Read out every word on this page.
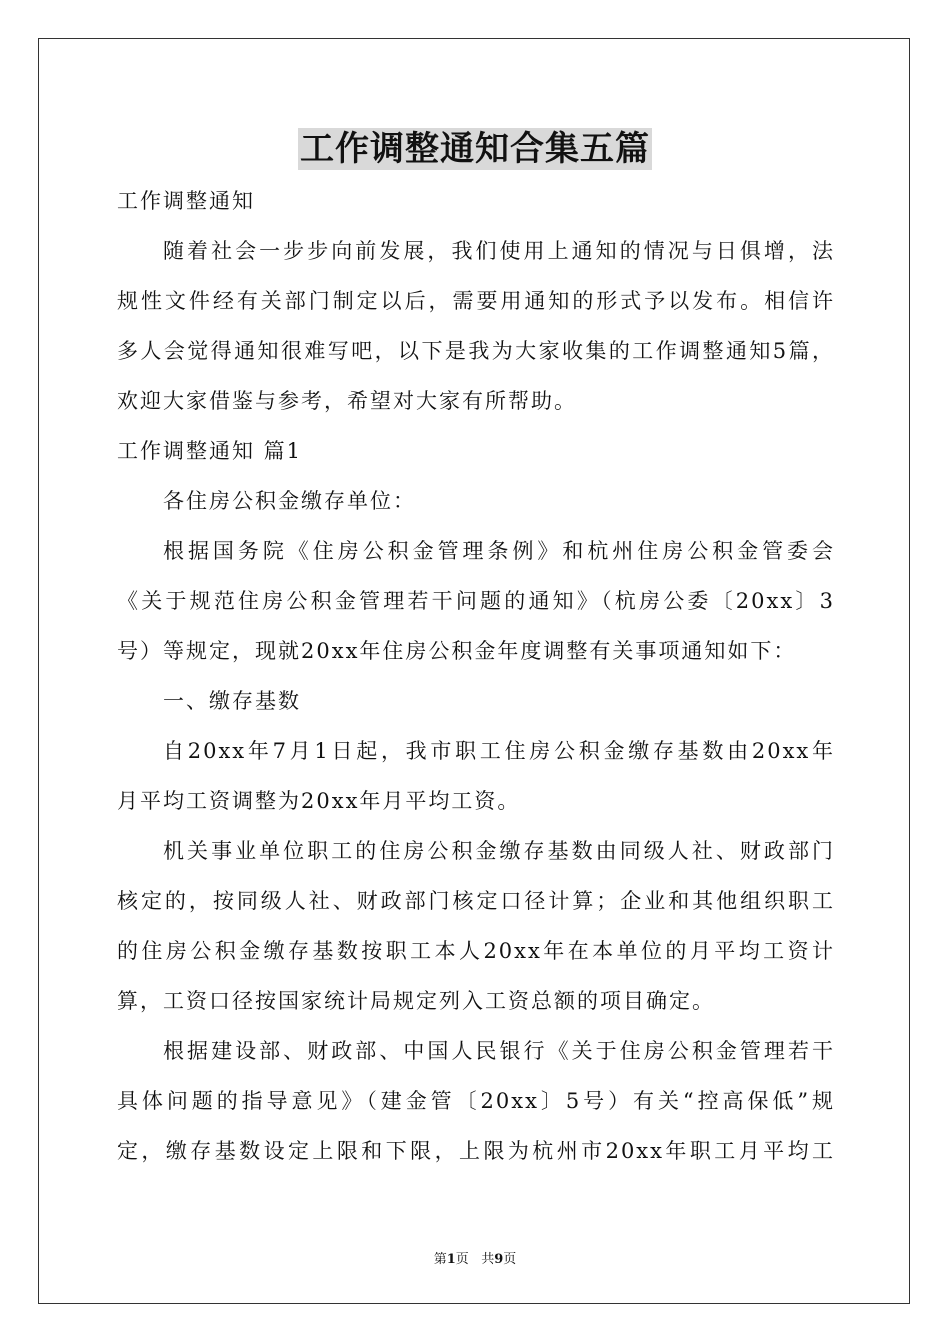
工作调整通知合集五篇
工作调整通知
随着社会一步步向前发展，我们使用上通知的情况与日俱增，法
规性文件经有关部门制定以后，需要用通知的形式予以发布。相信许
多人会觉得通知很难写吧，以下是我为大家收集的工作调整通知5篇，
欢迎大家借鉴与参考，希望对大家有所帮助。
工作调整通知 篇1
各住房公积金缴存单位：
根据国务院《住房公积金管理条例》和杭州住房公积金管委会
《关于规范住房公积金管理若干问题的通知》（杭房公委〔20xx〕3
号）等规定，现就20xx年住房公积金年度调整有关事项通知如下：
一、缴存基数
自20xx年7月1日起，我市职工住房公积金缴存基数由20xx年
月平均工资调整为20xx年月平均工资。
机关事业单位职工的住房公积金缴存基数由同级人社、财政部门
核定的，按同级人社、财政部门核定口径计算；企业和其他组织职工
的住房公积金缴存基数按职工本人20xx年在本单位的月平均工资计
算，工资口径按国家统计局规定列入工资总额的项目确定。
根据建设部、财政部、中国人民银行《关于住房公积金管理若干
具体问题的指导意见》（建金管〔20xx〕5号）有关“控高保低”规
定，缴存基数设定上限和下限，上限为杭州市20xx年职工月平均工
第1页 共9页
